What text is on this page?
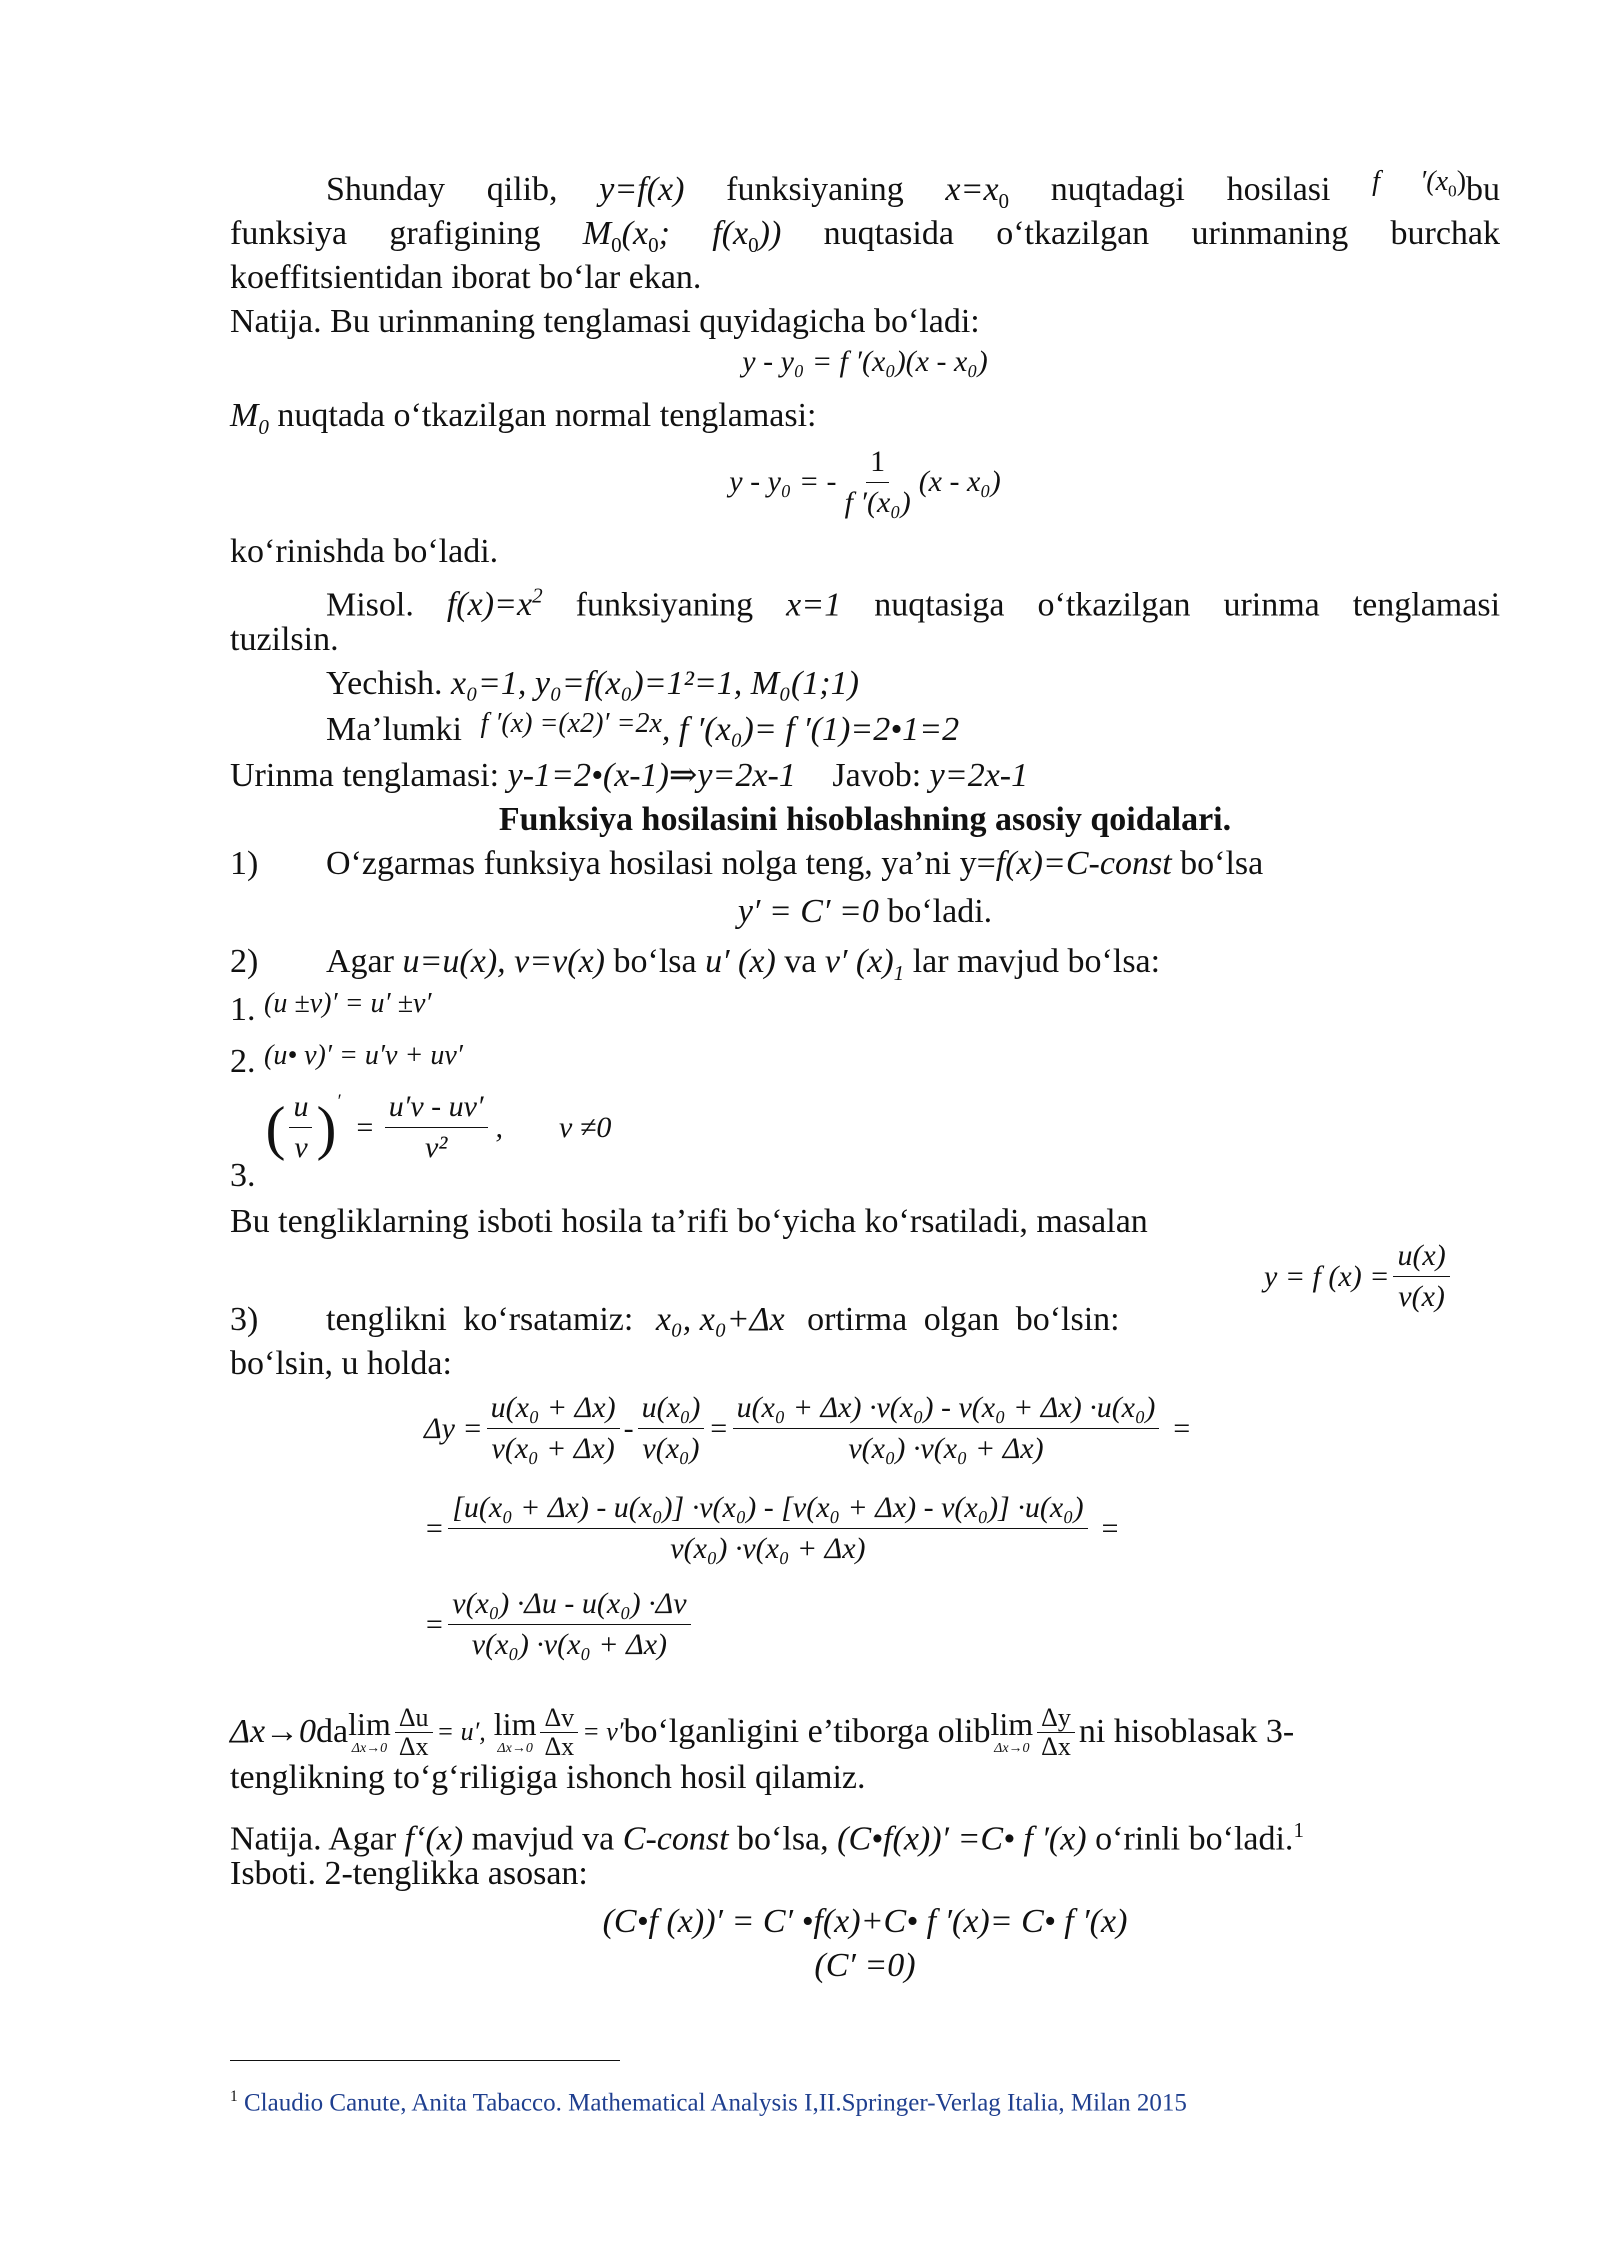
Shunday qilib, y=f(x) funksiyaning $x=x_0$ nuqtadagi hosilasi $^{f '(x_0)}$bu
funksiya grafigining $M_0(x_0$; $f(x_0)$) nuqtasida o‘tkazilgan urinmaning burchak
koeffitsientidan iborat bo‘lar ekan.
Natija. Bu urinmaning tenglamasi quyidagicha bo‘ladi:
y - y₀ = f ′(x₀)(x - x₀)
$M_0$ nuqtada o‘tkazilgan normal tenglamasi:
y - y₀ = - $\frac{1}{\text{f ′(x₀)}} (x - x_0)$
ko‘rinishda bo‘ladi.
Misol. $f(x)=x^2$ funksiyaning x=1 nuqtasiga o‘tkazilgan urinma tenglamasi
tuzilsin.
Yechish. x₀=1, y₀=f(x₀)=1²=1, M₀(1;1)
Ma’lumki $^{f '(x) =(x2)' =2x}$, f ′(x₀)= f ′(1)=2•1=2
Urinma tenglamasi: y-1=2•(x-1)⇒y=2x-1 Javob: y=2x-1
Funksiya hosilasini hisoblashning asosiy qoidalari.
1) O‘zgarmas funksiya hosilasi nolga teng, ya’ni y=f(x)=C-const bo‘lsa
y′ = C′ =0 bo‘ladi.
2) Agar u=u(x), v=v(x) bo‘lsa u′ (x) va v′ $(x)_1$ lar mavjud bo‘lsa:
1. $^{(u \pm v)' = u' \pm v'}$
2. $^{(u• v)' = u'v + uv'}$
3.
( $\frac{u}{v} )'$
= $\frac{u'v - uv'}{\text{v²}}$ , v ≠0
Bu tengliklarning isboti hosila ta’rifi bo‘yicha ko‘rsatiladi, masalan
y = f $(x) = \frac{u(x)}{v(x)}$
3) tenglikni ko‘rsatamiz: x₀, x₀+Δx ortirma olgan bo‘lsin:
bo‘lsin, u holda:
$\Delta y = \frac{\text{u(x₀ + Δx)}}{\text{v(x₀ + Δx)}} - \frac{\text{u(x₀)}}{\text{v(x₀)}} = \frac{\text{u(x₀ + Δx) ·v(x₀) - v(x₀ + Δx) ·u(x₀)}}{\text{v(x₀) ·v(x₀ + Δx)}}$ =
= $\frac{\text{[u(x₀ + Δx) - u(x₀)] ·v(x₀) - [v(x₀ + Δx) - v(x₀)] ·u(x₀)}}{\text{v(x₀) ·v(x₀ + Δx)}}$ =
= $\frac{\text{v(x₀) ·Δu - u(x₀) ·Δv}}{\text{v(x₀) ·v(x₀ + Δx)}}$
Δx→0 da lim
$\Delta x\to 0 \frac{\Delta u}{\Delta x} = u'$, lim
$\Delta x\to 0 \frac{\Delta v}{\Delta x} = v'$ bo‘lganligini e’tiborga olib lim
$\Delta x\to 0 \frac{\Delta y}{\Delta x}$ ni hisoblasak 3-
tenglikning to‘g‘riligiga ishonch hosil qilamiz.
Natija. Agar f‘(x) mavjud va C-const bo‘lsa, (C•f(x))′ =C• f ′(x) o‘rinli bo‘ladi.$^1$
Isboti. 2-tenglikka asosan:
(C•f (x))′ = C′ •f(x)+C• f ′(x)= C• f ′(x)
(C′ =0)
$^1$ Claudio Canute, Anita Tabacco. Mathematical Analysis I,II.Springer-Verlag Italia, Milan 2015
